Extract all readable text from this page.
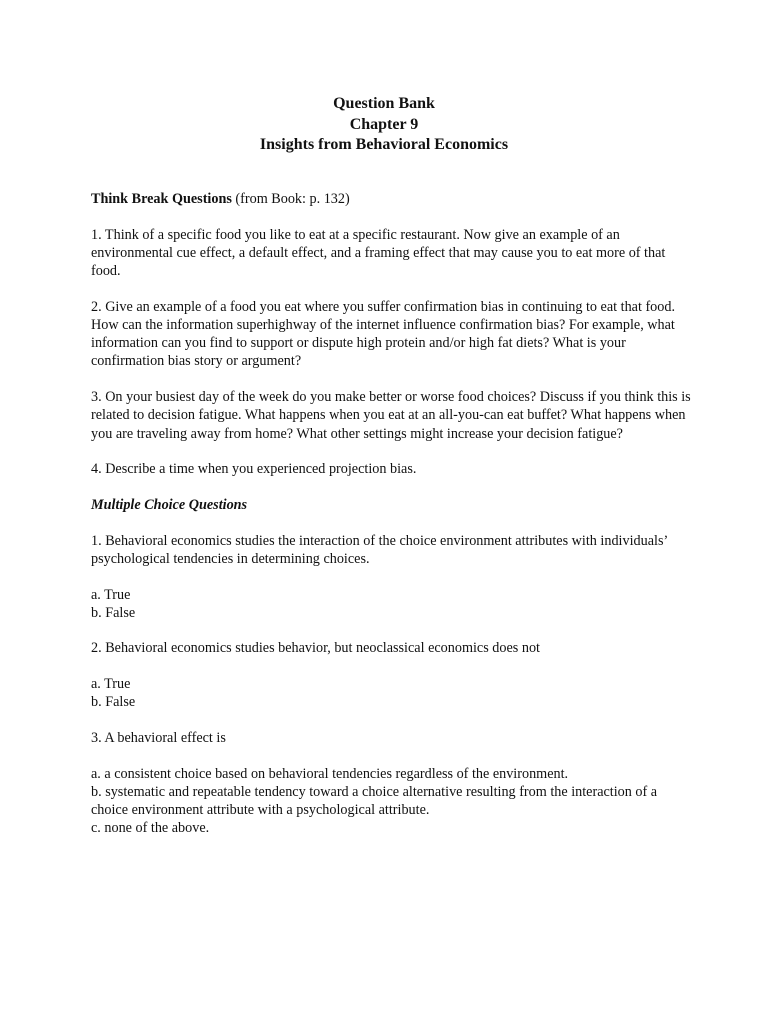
Question Bank
Chapter 9
Insights from Behavioral Economics

Think Break Questions (from Book: p. 132)

1. Think of a specific food you like to eat at a specific restaurant. Now give an example of an environmental cue effect, a default effect, and a framing effect that may cause you to eat more of that food.

2. Give an example of a food you eat where you suffer confirmation bias in continuing to eat that food. How can the information superhighway of the internet influence confirmation bias? For example, what information can you find to support or dispute high protein and/or high fat diets? What is your confirmation bias story or argument?

3. On your busiest day of the week do you make better or worse food choices? Discuss if you think this is related to decision fatigue. What happens when you eat at an all-you-can eat buffet? What happens when you are traveling away from home? What other settings might increase your decision fatigue?

4. Describe a time when you experienced projection bias.

Multiple Choice Questions

1. Behavioral economics studies the interaction of the choice environment attributes with individuals’ psychological tendencies in determining choices.

a. True
b. False

2. Behavioral economics studies behavior, but neoclassical economics does not

a. True
b. False

3. A behavioral effect is

a. a consistent choice based on behavioral tendencies regardless of the environment.
b. systematic and repeatable tendency toward a choice alternative resulting from the interaction of a choice environment attribute with a psychological attribute.
c. none of the above.
